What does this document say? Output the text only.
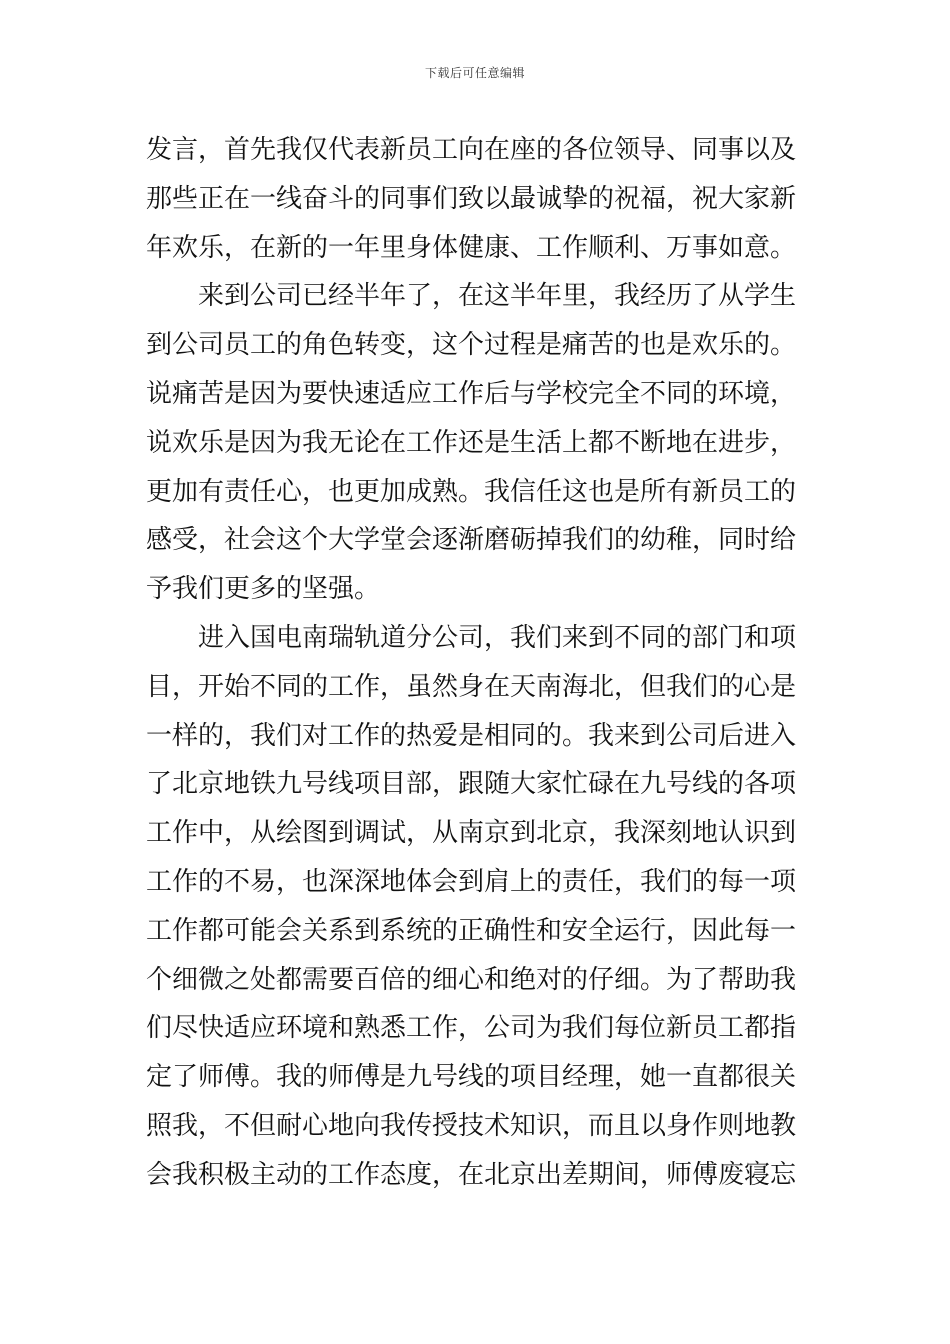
下载后可任意编辑
发言，首先我仅代表新员工向在座的各位领导、同事以及
那些正在一线奋斗的同事们致以最诚挚的祝福，祝大家新
年欢乐，在新的一年里身体健康、工作顺利、万事如意。
来到公司已经半年了，在这半年里，我经历了从学生
到公司员工的角色转变，这个过程是痛苦的也是欢乐的。
说痛苦是因为要快速适应工作后与学校完全不同的环境，
说欢乐是因为我无论在工作还是生活上都不断地在进步，
更加有责任心，也更加成熟。我信任这也是所有新员工的
感受，社会这个大学堂会逐渐磨砺掉我们的幼稚，同时给
予我们更多的坚强。
进入国电南瑞轨道分公司，我们来到不同的部门和项
目，开始不同的工作，虽然身在天南海北，但我们的心是
一样的，我们对工作的热爱是相同的。我来到公司后进入
了北京地铁九号线项目部，跟随大家忙碌在九号线的各项
工作中，从绘图到调试，从南京到北京，我深刻地认识到
工作的不易，也深深地体会到肩上的责任，我们的每一项
工作都可能会关系到系统的正确性和安全运行，因此每一
个细微之处都需要百倍的细心和绝对的仔细。为了帮助我
们尽快适应环境和熟悉工作，公司为我们每位新员工都指
定了师傅。我的师傅是九号线的项目经理，她一直都很关
照我，不但耐心地向我传授技术知识，而且以身作则地教
会我积极主动的工作态度，在北京出差期间，师傅废寝忘
